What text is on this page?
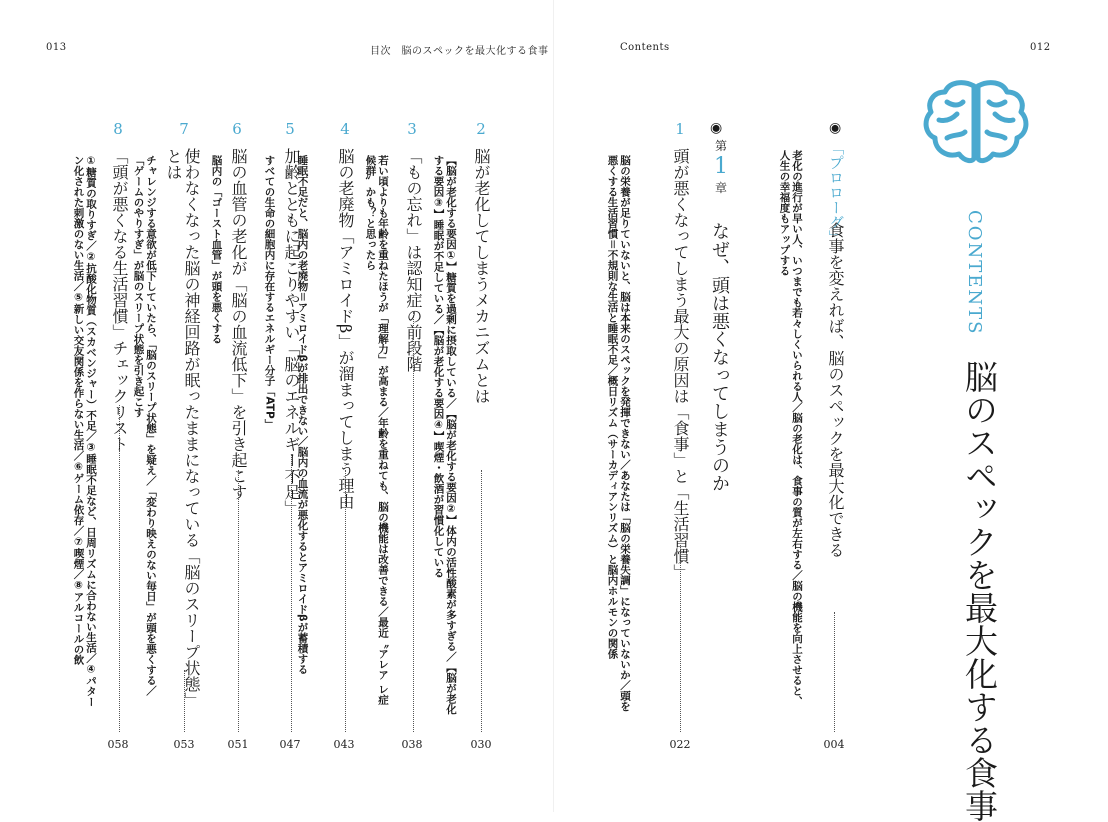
013	目次　脳のスペックを最大化する食事
2
脳が老化してしまうメカニズムとは
【脳が老化する要因①】糖質を過剰に摂取している／【脳が老化する要因②】体内の活性酸素が多すぎる／【脳が老化する要因③】睡眠が不足している／【脳が老化する要因④】喫煙・飲酒が習慣化している
030
3
「もの忘れ」は認知症の前段階
若い頃よりも年齢を重ねたほうが「理解力」が高まる／年齢を重ねても、脳の機能は改善できる／最近〝アレア レ症候群〟かも？と思ったら
038
4
脳の老廃物「アミロイドβ」が溜まってしまう理由
睡眠不足だと、脳内の老廃物＝アミロイドβが排出できない／脳内の血流が悪化するとアミロイドβが蓄積する
043
5
加齢とともに起こりやすい「脳のエネルギー不足」
すべての生命の細胞内に存在するエネルギー分子「ATP」
047
6
脳の血管の老化が「脳の血流低下」を引き起こす
脳内の「ゴースト血管」が頭を悪くする
051
7
使わなくなった脳の神経回路が眠ったままになっている「脳のスリープ状態」とは
チャレンジする意欲が低下していたら、「脳のスリープ状態」を疑え／「変わり映えのない毎日」が頭を悪くする／「ゲームのやりすぎ」が脳のスリープ状態を引き起こす
053
8
「頭が悪くなる生活習慣」チェックリスト
①糖質の取りすぎ／②抗酸化物質（スカベンジャー）不足／③睡眠不足など、日周リズムに合わない生活／④パターン化された刺激のない生活／⑤新しい交友関係を作らない生活／⑥ゲーム依存／⑦喫煙／⑧アルコールの飲
058
Contents	012
CONTENTS
脳のスペックを最大化する食事
◉
「プロローグ」
食事を変えれば、脳のスペックを最大化できる
老化の進行が早い人、いつまでも若々しくいられる人／脳の老化は、食事の質が左右する／脳の機能を向上させると、人生の幸福度もアップする
004
◉
第
1
章
なぜ、頭は悪くなってしまうのか
1
頭が悪くなってしまう最大の原因は「食事」と「生活習慣」
脳の栄養が足りていないと、脳は本来のスペックを発揮できない／あなたは「脳の栄養失調」になっていないか／頭を悪くする生活習慣＝不規則な生活と睡眠不足／概日リズム（サーカディアンリズム）と脳内ホルモンの関係
022
